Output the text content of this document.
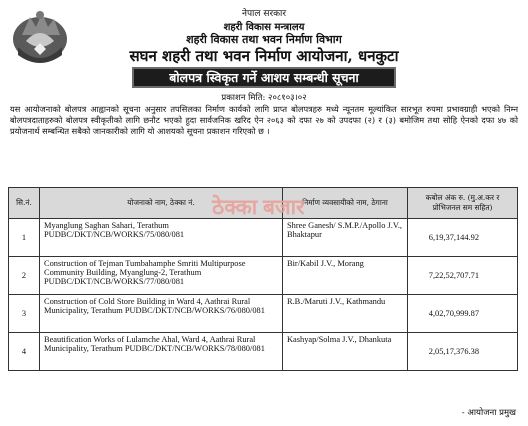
नेपाल सरकार
शहरी विकास मन्त्रालय
शहरी विकास तथा भवन निर्माण विभाग
सघन शहरी तथा भवन निर्माण आयोजना, धनकुटा
बोलपत्र स्विकृत गर्ने आशय सम्बन्धी सूचना
प्रकाशन मिति: २०८१०३।०२
यस आयोजनाको बोलपत्र आह्वानको सूचना अनुसार तपसिलका निर्माण कार्यको लागि प्राप्त बोलपत्रहरु मध्ये न्यूनतम मूल्यांकित सारभूत रुपमा प्रभावग्राही भएको निम्न बोलपत्रदाताहरुको बोलपत्र स्वीकृतीको लागि छनौट भएको हुदा सार्वजनिक खरिद ऐन २०६३ को दफा २७ को उपदफा (२) र (३) बमोजिम तथा सोहि ऐनको दफा ४७ को प्रयोजनार्थ सम्बन्धित सबैको जानकारीको लागि यो आशयको सूचना प्रकाशन गरिएको छ ।
सि.नं.	योजनाको नाम, ठेक्का नं.	निर्माण व्यवसायीको नाम, ठेगाना	कबोल अंक रु. (मु.अ.कर र प्रोभिजनल सम सहित)
1	Myanglung Saghan Sahari, Terathum PUDBC/DKT/NCB/WORKS/75/080/081	Shree Ganesh/ S.M.P./Apollo J.V., Bhaktapur	6,19,37,144.92
2	Construction of Tejman Tumbahamphe Smriti Multipurpose Community Building, Myanglung-2, Terathum PUDBC/DKT/NCB/WORKS/77/080/081	Bir/Kabil J.V., Morang	7,22,52,707.71
3	Construction of Cold Store Building in Ward 4, Aathrai Rural Municipality, Terathum PUDBC/DKT/NCB/WORKS/76/080/081	R.B./Maruti J.V., Kathmandu	4,02,70,999.87
4	Beautification Works of Lulamche Ahal, Ward 4, Aathrai Rural Municipality, Terathum PUDBC/DKT/NCB/WORKS/78/080/081	Kashyap/Solma J.V., Dhankuta	2,05,17,376.38
ठेक्का बजार
- आयोजना प्रमुख
